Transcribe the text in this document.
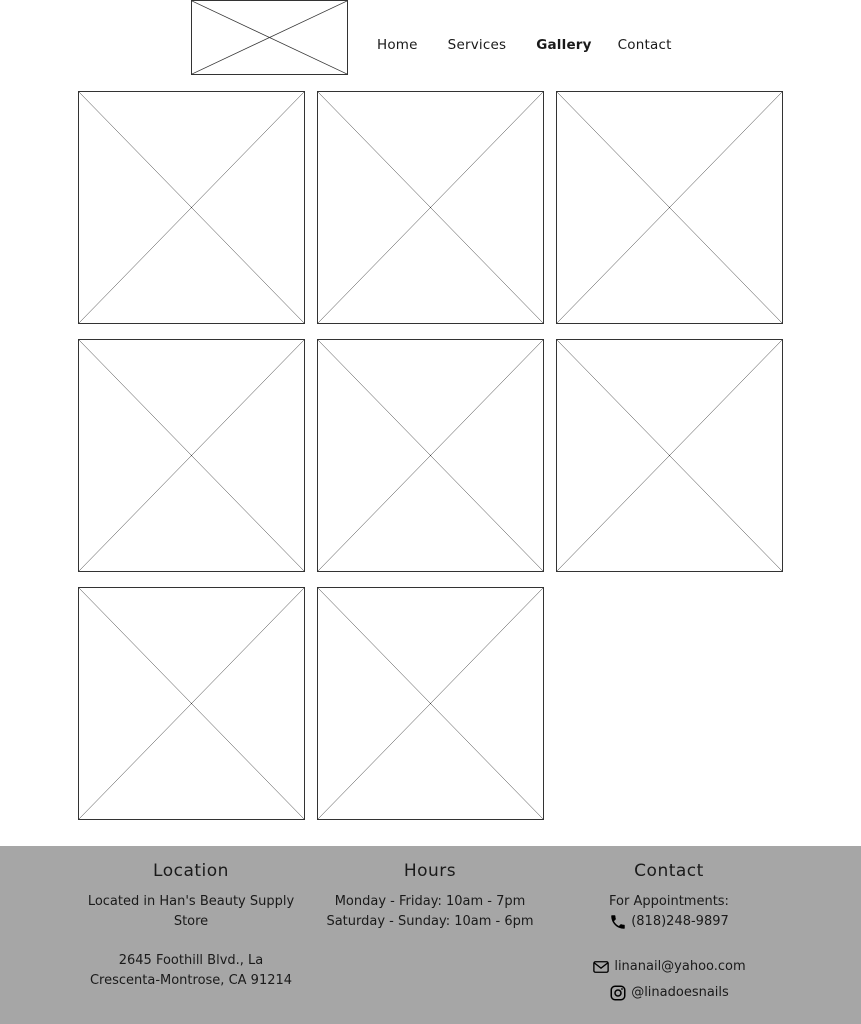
Home Services Gallery Contact
Location

Located in Han's Beauty Supply

Store

2645 Foothill Blvd., La

Crescenta-Montrose, CA 91214

Hours

Monday - Friday: 10am - 7pm

Saturday - Sunday: 10am - 6pm

Contact

For Appointments:

(818)248-9897

linanail@yahoo.com

@linadoesnails
